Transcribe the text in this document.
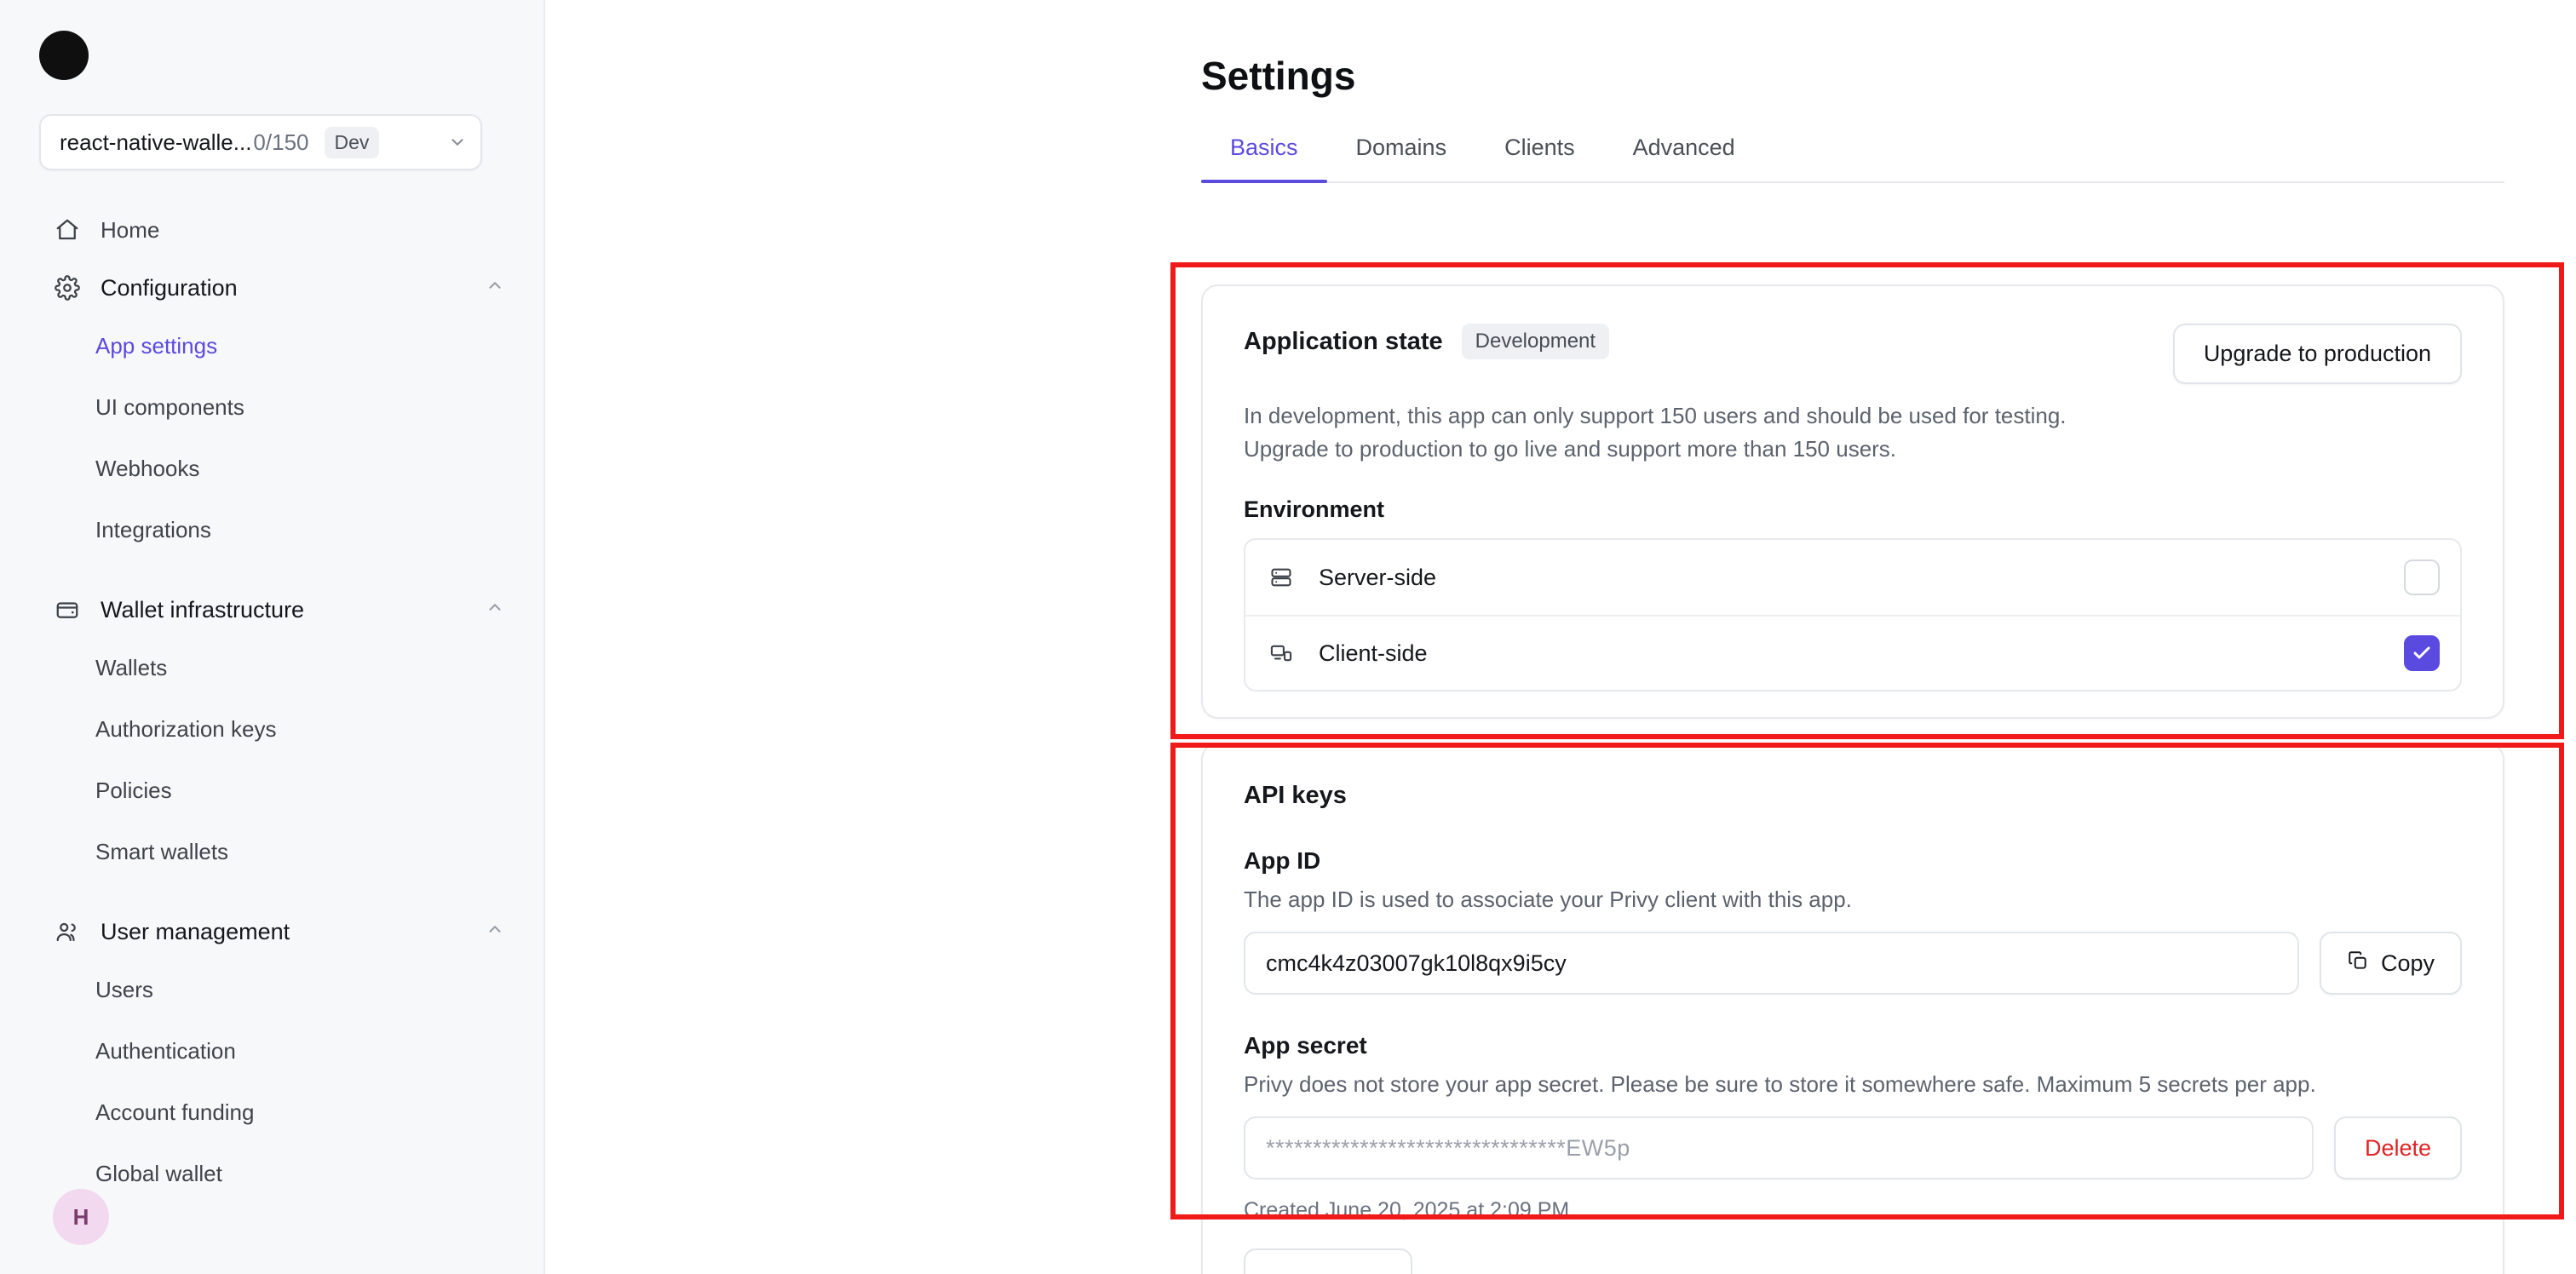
react-native-walle... 0/150	Dev
Home
Configuration
App settings
UI components
Webhooks
Integrations
Wallet infrastructure
Wallets
Authorization keys
Policies
Smart wallets
User management
Users
Authentication
Account funding
Global wallet
H
Settings
Basics	Domains	Clients	Advanced
Application state	Development	Upgrade to production
In development, this app can only support 150 users and should be used for testing. Upgrade to production to go live and support more than 150 users.
Environment
Server-side
Client-side
API keys
App ID
The app ID is used to associate your Privy client with this app.
cmc4k4z03007gk10l8qx9i5cy	Copy
App secret
Privy does not store your app secret. Please be sure to store it somewhere safe. Maximum 5 secrets per app.
********************************EW5p	Delete
Created June 20, 2025 at 2:09 PM
